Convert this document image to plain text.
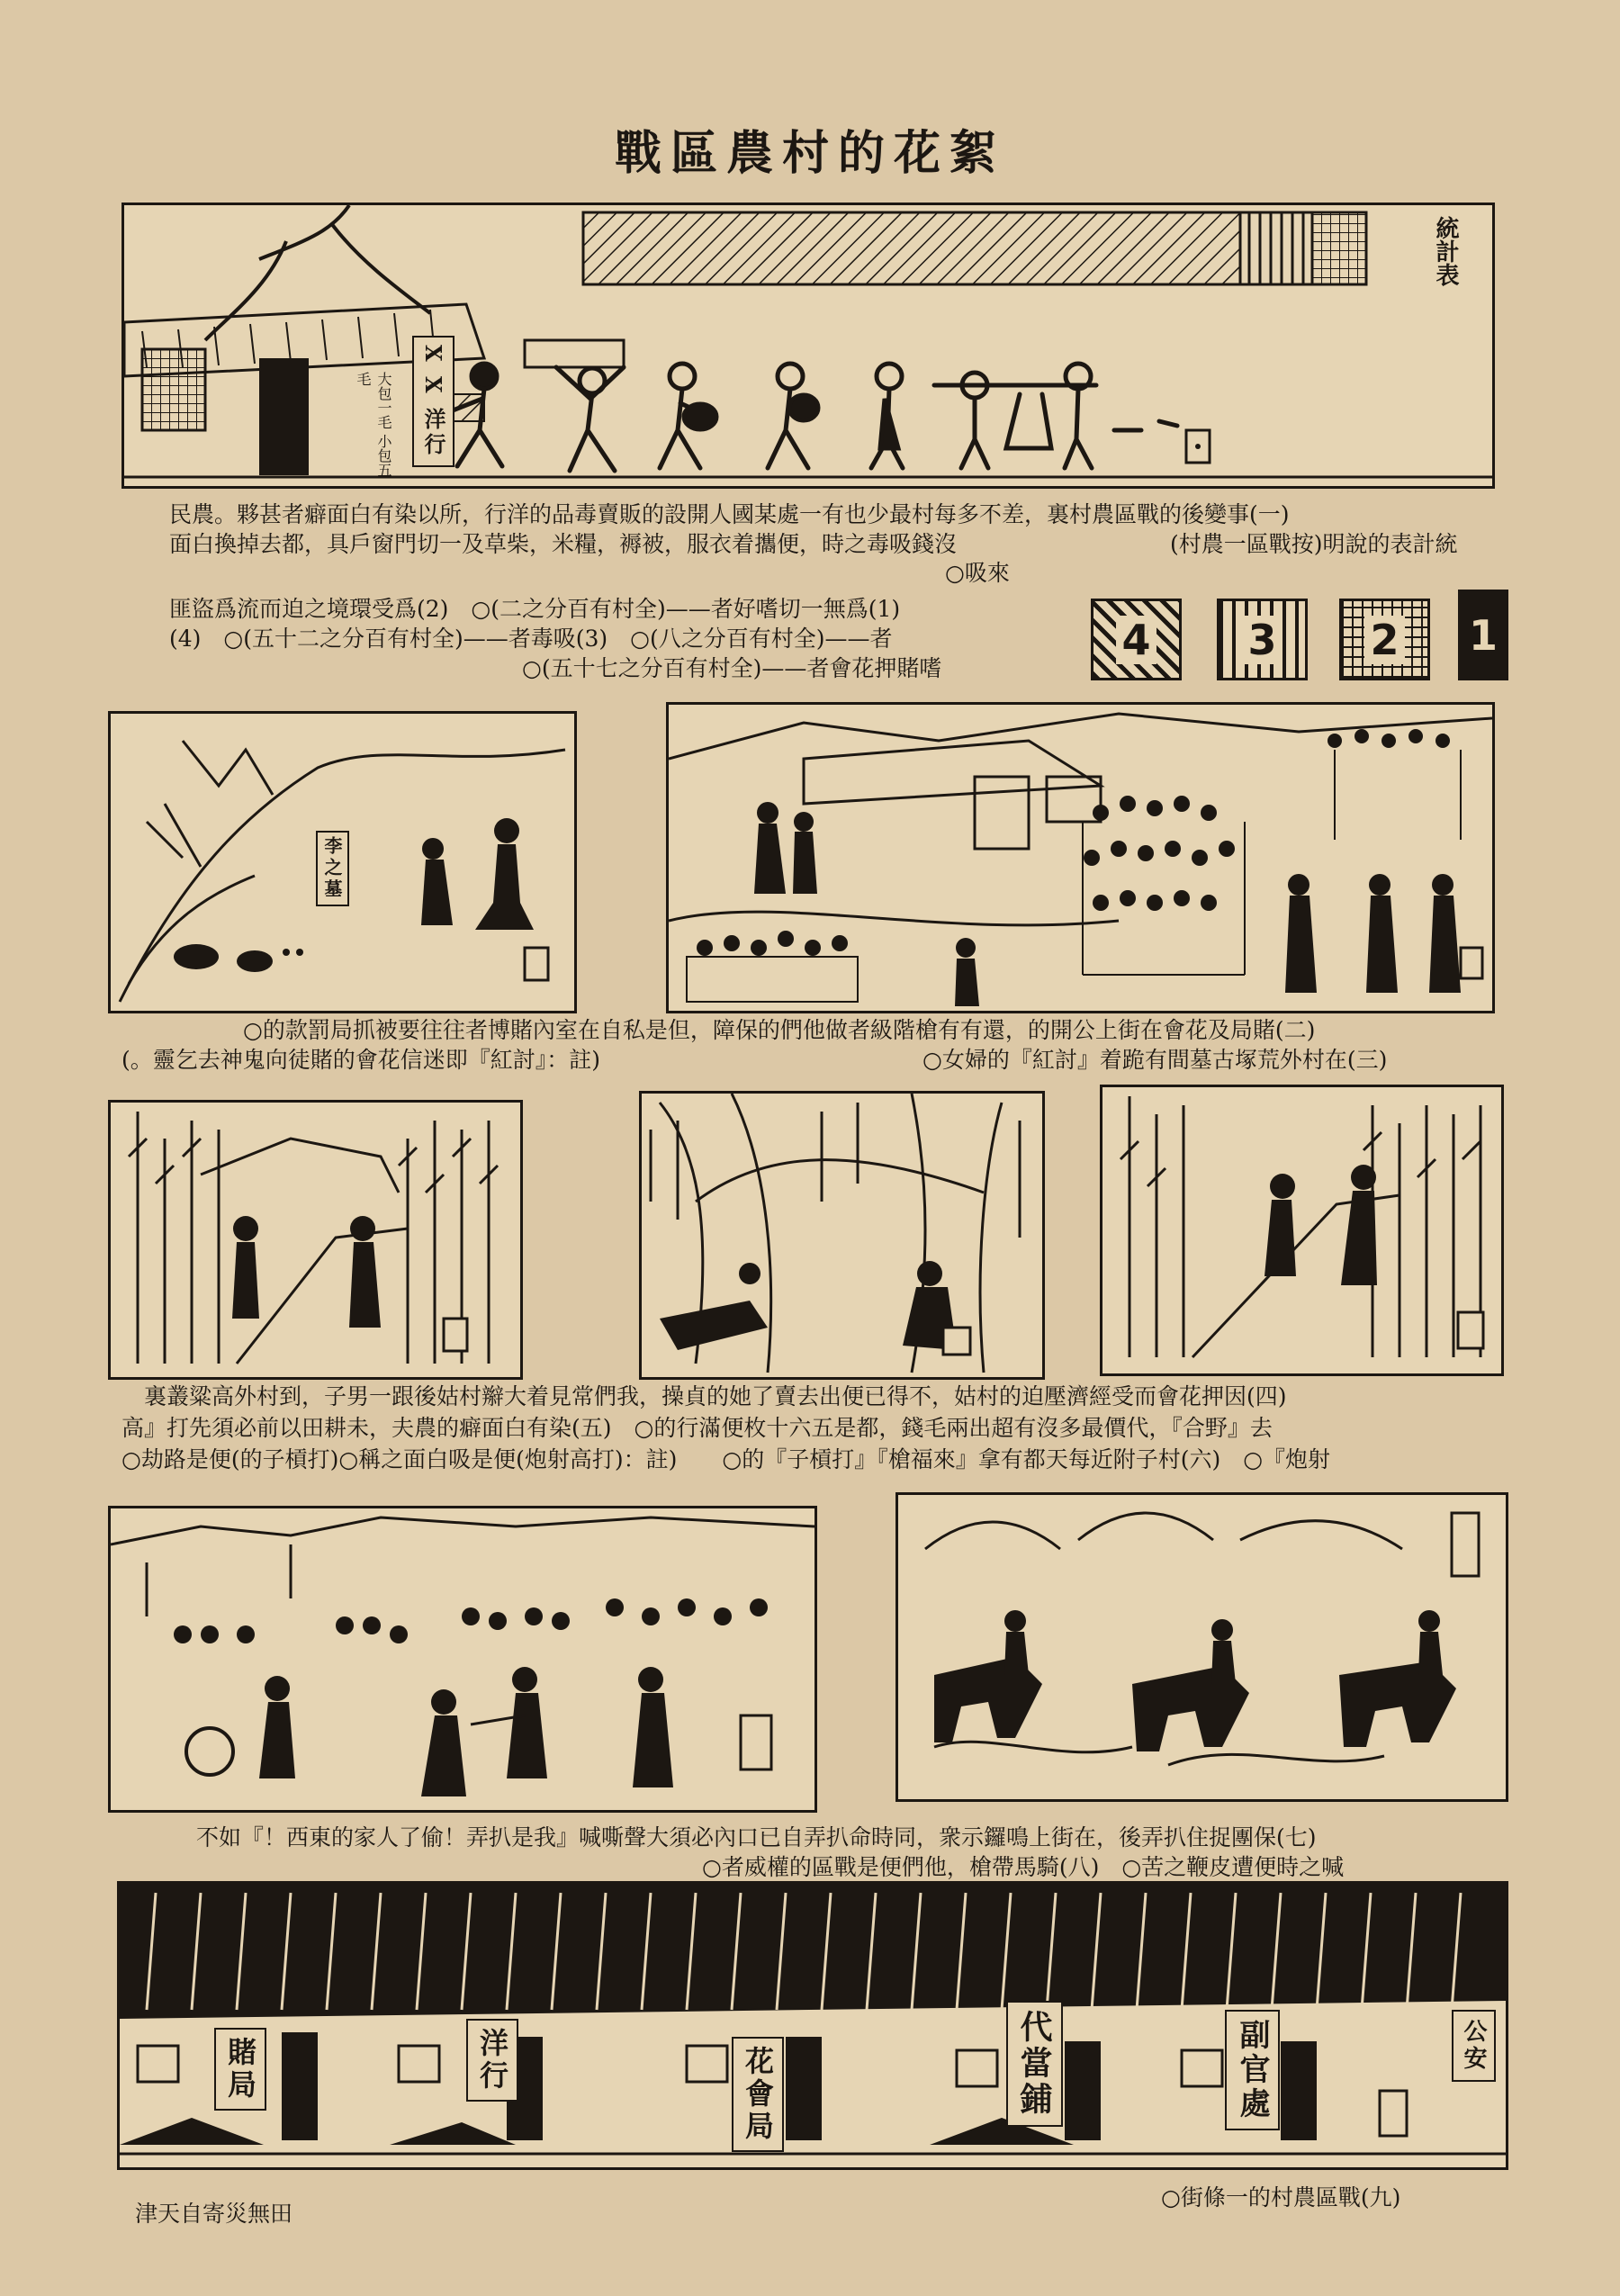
戰區農村的花絮
X X 洋行
大包一毛 小包五毛
統計表
民農。夥甚者癖面白有染以所，行洋的品毒賣販的設開人國某處一有也少最村每多不差，裏村農區戰的後變事(一)
面白換掉去都，具戶窗門切一及草柴，米糧，褥被，服衣着攜便，時之毒吸錢沒	(村農一區戰按)明說的表計統
○吸來
匪盜爲流而迫之境環受爲(2)　○(二之分百有村全)——者好嗜切一無爲(1)
(4)　○(五十二之分百有村全)——者毒吸(3)　○(八之分百有村全)——者
○(五十七之分百有村全)——者會花押賭嗜
4 3 2 1
李之墓
○的款罰局抓被要往往者博賭內室在自私是但，障保的們他做者級階槍有有還，的開公上街在會花及局賭(二)
(。靈乞去神鬼向徒賭的會花信迷即『紅討』：註)	○女婦的『紅討』着跪有間墓古塚荒外村在(三)
裏叢粱高外村到，子男一跟後姑村辮大着見常們我，操貞的她了賣去出便已得不，姑村的迫壓濟經受而會花押因(四)
高』打先須必前以田耕未，夫農的癖面白有染(五)　○的行滿便枚十六五是都，錢毛兩出超有沒多最價代，『合野』去
○劫路是便(的子槓打)○稱之面白吸是便(炮射高打)：註)　　○的『子槓打』『槍福來』拿有都天每近附子村(六)　○『炮射
不如『！西東的家人了偷！弄扒是我』喊嘶聲大須必內口已自弄扒命時同，衆示鑼鳴上街在，後弄扒住捉團保(七)
○者威權的區戰是便們他，槍帶馬騎(八)　○苦之鞭皮遭便時之喊
賭局	洋行	花會局	代當鋪	副官處	公安
○街條一的村農區戰(九)
津天自寄災無田
